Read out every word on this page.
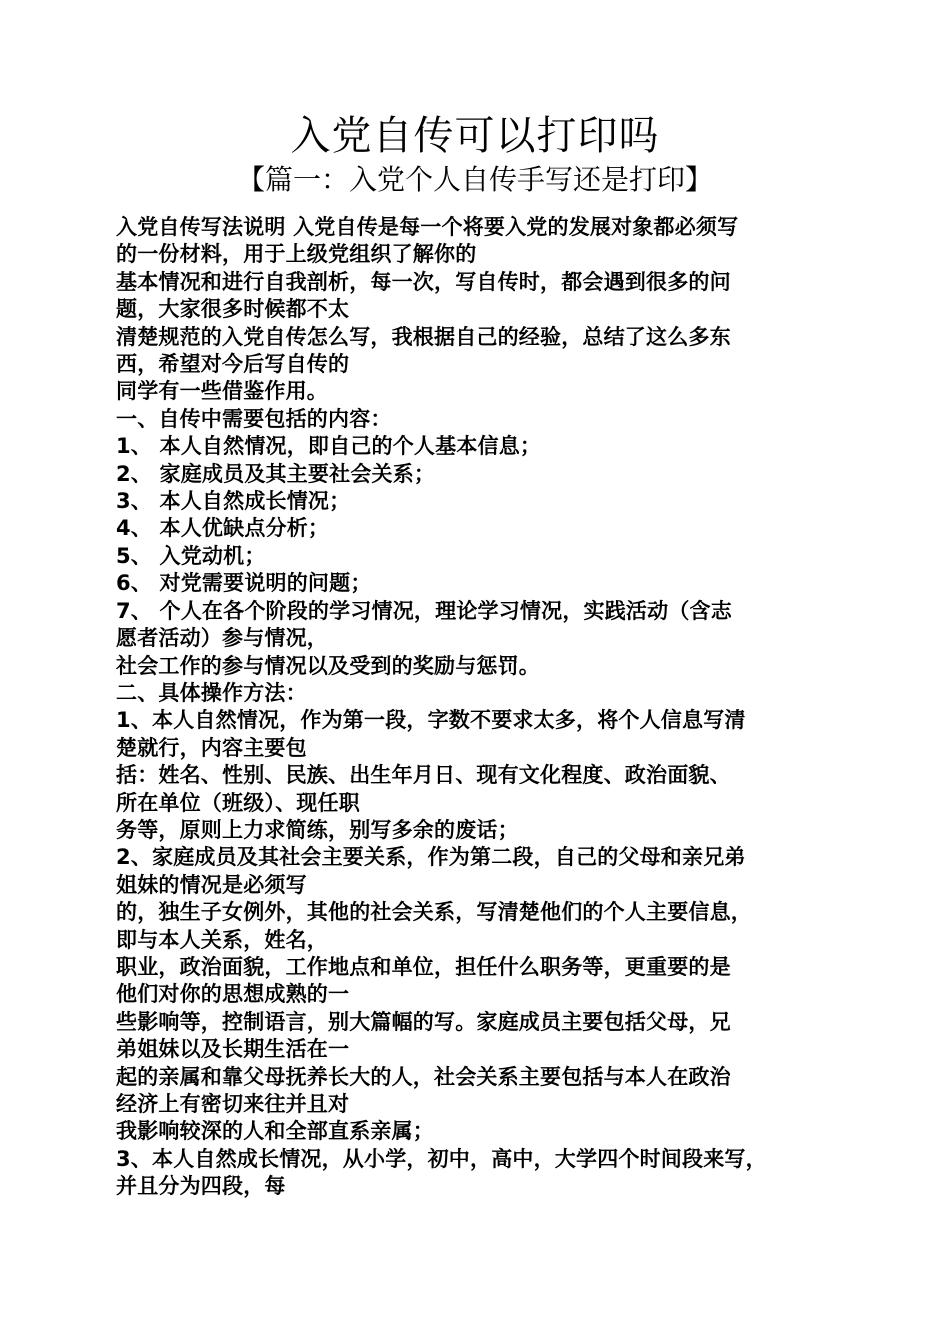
入党自传可以打印吗
【篇一：入党个人自传手写还是打印】
入党自传写法说明 入党自传是每一个将要入党的发展对象都必须写
的一份材料，用于上级党组织了解你的
基本情况和进行自我剖析，每一次，写自传时，都会遇到很多的问
题，大家很多时候都不太
清楚规范的入党自传怎么写，我根据自己的经验，总结了这么多东
西，希望对今后写自传的
同学有一些借鉴作用。
一、自传中需要包括的内容：
1、 本人自然情况，即自己的个人基本信息；
2、 家庭成员及其主要社会关系；
3、 本人自然成长情况；
4、 本人优缺点分析；
5、 入党动机；
6、 对党需要说明的问题；
7、 个人在各个阶段的学习情况，理论学习情况，实践活动（含志
愿者活动）参与情况，
社会工作的参与情况以及受到的奖励与惩罚。
二、具体操作方法：
1、本人自然情况，作为第一段，字数不要求太多，将个人信息写清
楚就行，内容主要包
括：姓名、性别、民族、出生年月日、现有文化程度、政治面貌、
所在单位（班级）、现任职
务等，原则上力求简练，别写多余的废话；
2、家庭成员及其社会主要关系，作为第二段，自己的父母和亲兄弟
姐妹的情况是必须写
的，独生子女例外，其他的社会关系，写清楚他们的个人主要信息，
即与本人关系，姓名，
职业，政治面貌，工作地点和单位，担任什么职务等，更重要的是
他们对你的思想成熟的一
些影响等，控制语言，别大篇幅的写。家庭成员主要包括父母，兄
弟姐妹以及长期生活在一
起的亲属和靠父母抚养长大的人，社会关系主要包括与本人在政治
经济上有密切来往并且对
我影响较深的人和全部直系亲属；
3、本人自然成长情况，从小学，初中，高中，大学四个时间段来写，
并且分为四段，每
